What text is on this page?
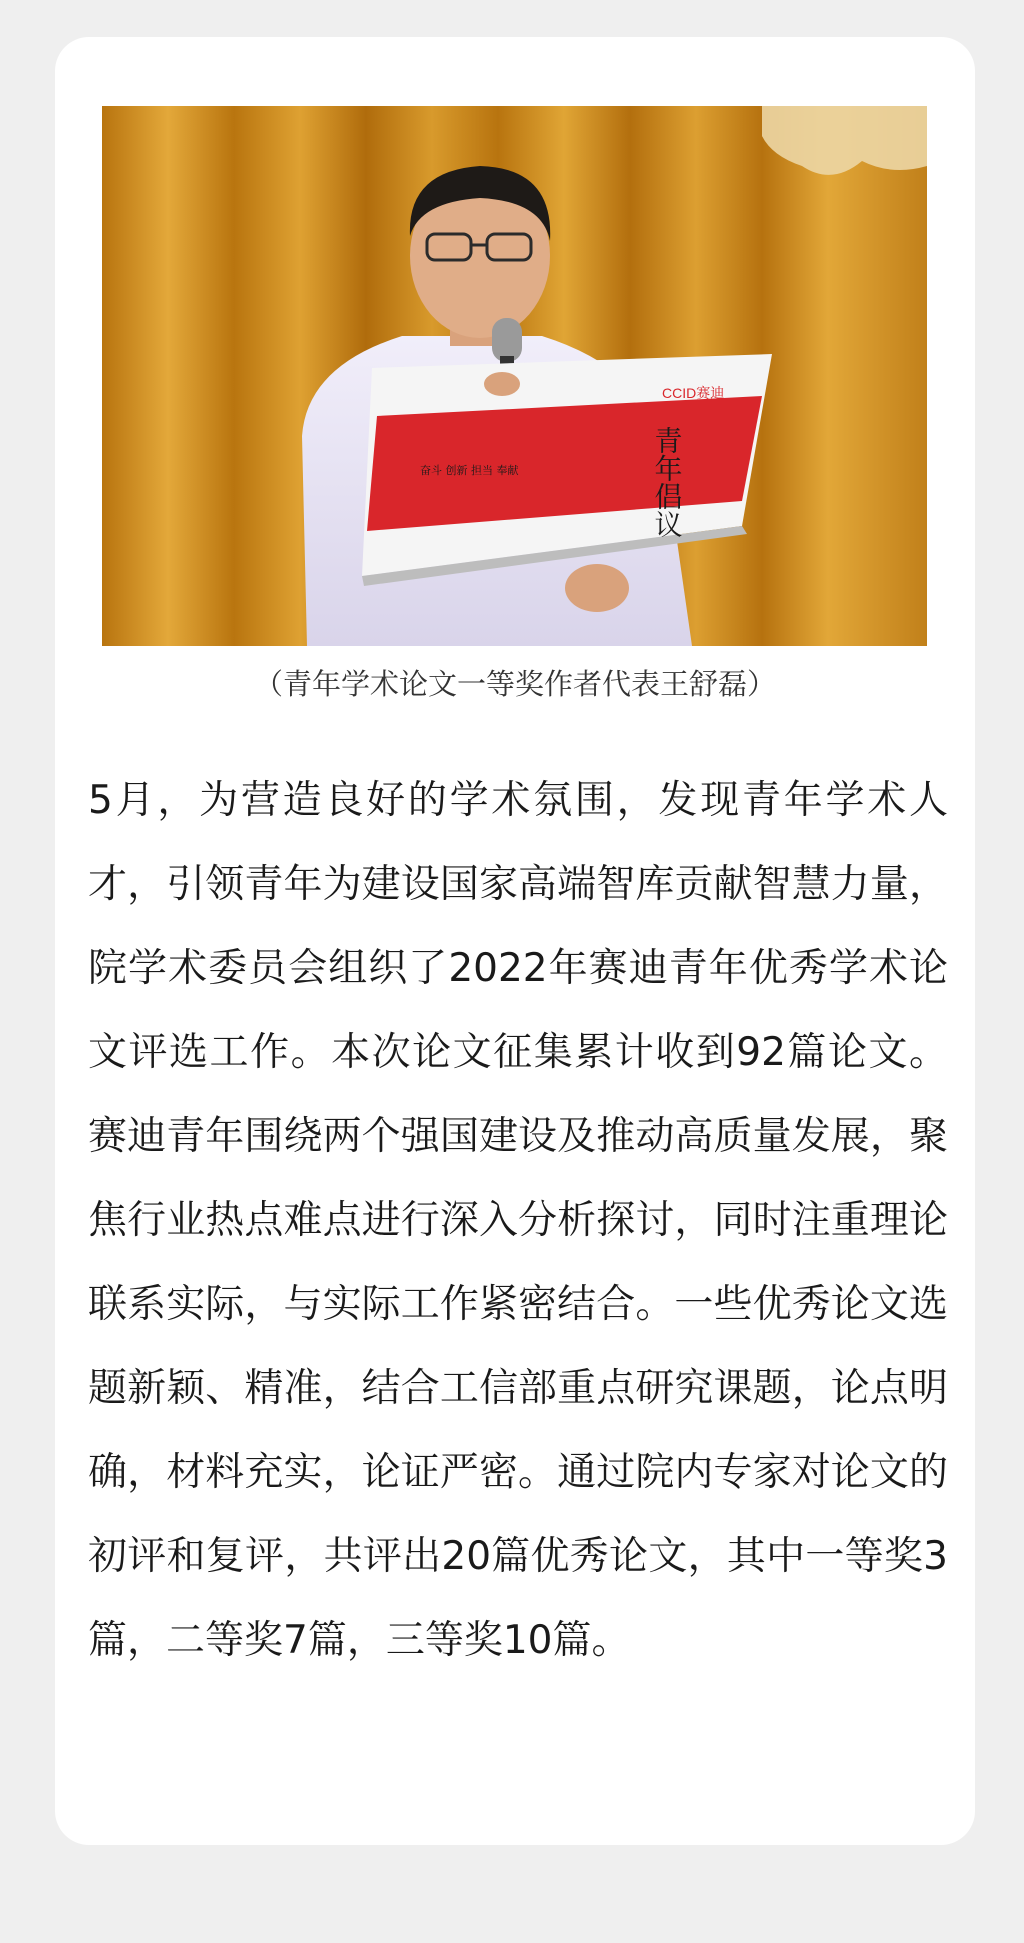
CCID赛迪
青年倡议
奋斗 创新 担当 奉献
（青年学术论文一等奖作者代表王舒磊）

5月，为营造良好的学术氛围，发现青年学术人才，引领青年为建设国家高端智库贡献智慧力量，院学术委员会组织了2022年赛迪青年优秀学术论文评选工作。本次论文征集累计收到92篇论文。赛迪青年围绕两个强国建设及推动高质量发展，聚焦行业热点难点进行深入分析探讨，同时注重理论联系实际，与实际工作紧密结合。一些优秀论文选题新颖、精准，结合工信部重点研究课题，论点明确，材料充实，论证严密。通过院内专家对论文的初评和复评，共评出20篇优秀论文，其中一等奖3篇，二等奖7篇，三等奖10篇。
